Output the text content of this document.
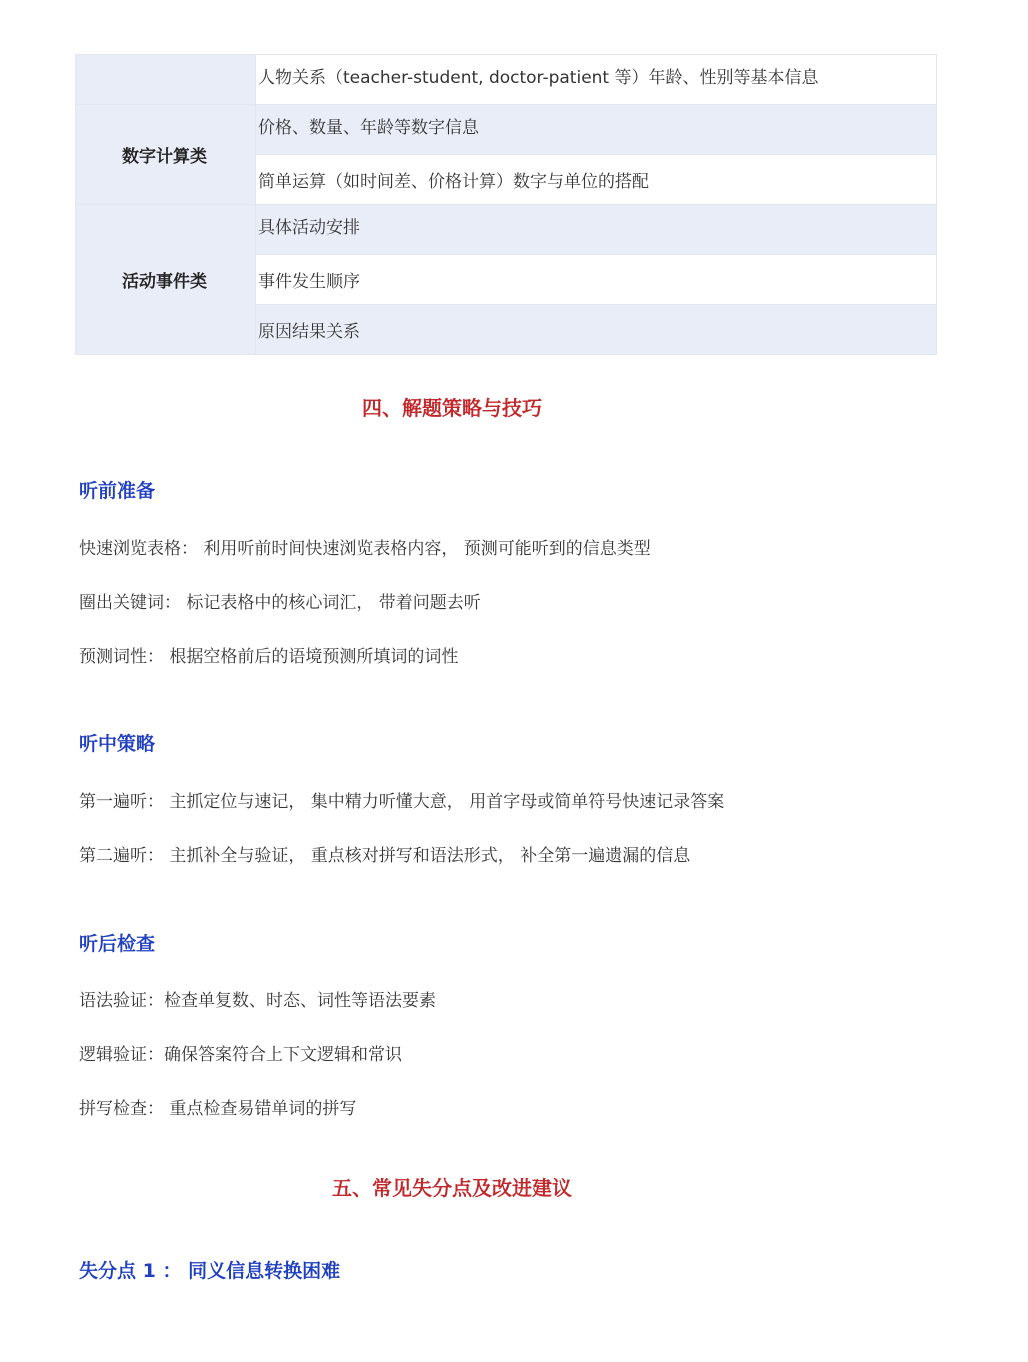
	人物关系（teacher-student, doctor-patient 等）年龄、性别等基本信息
数字计算类	价格、数量、年龄等数字信息
	简单运算（如时间差、价格计算）数字与单位的搭配
活动事件类	具体活动安排
	事件发生顺序
	原因结果关系
四、解题策略与技巧
听前准备
快速浏览表格： 利用听前时间快速浏览表格内容， 预测可能听到的信息类型
圈出关键词： 标记表格中的核心词汇， 带着问题去听
预测词性： 根据空格前后的语境预测所填词的词性
听中策略
第一遍听： 主抓定位与速记， 集中精力听懂大意， 用首字母或简单符号快速记录答案
第二遍听： 主抓补全与验证， 重点核对拼写和语法形式， 补全第一遍遗漏的信息
听后检查
语法验证：检查单复数、时态、词性等语法要素
逻辑验证：确保答案符合上下文逻辑和常识
拼写检查： 重点检查易错单词的拼写
五、常见失分点及改进建议
失分点 1 ： 同义信息转换困难
